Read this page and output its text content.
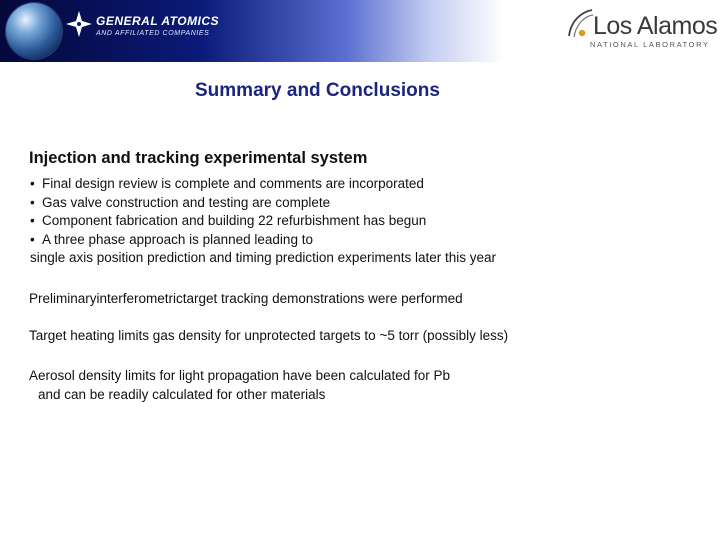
GENERAL ATOMICS
AND AFFILIATED COMPANIES	Los Alamos
NATIONAL LABORATORY
Summary and Conclusions
Injection and tracking experimental system
• Final design review is complete and comments are incorporated
• Gas valve construction and testing are complete
• Component fabrication and building 22 refurbishment has begun
• A three phase approach is planned leading to
single axis position prediction and timing prediction experiments later this year
Preliminaryinterferometrictarget tracking demonstrations were performed
Target heating limits gas density for unprotected targets to ~5 torr (possibly less)
Aerosol density limits for light propagation have been calculated for Pb
and can be readily calculated for other materials
